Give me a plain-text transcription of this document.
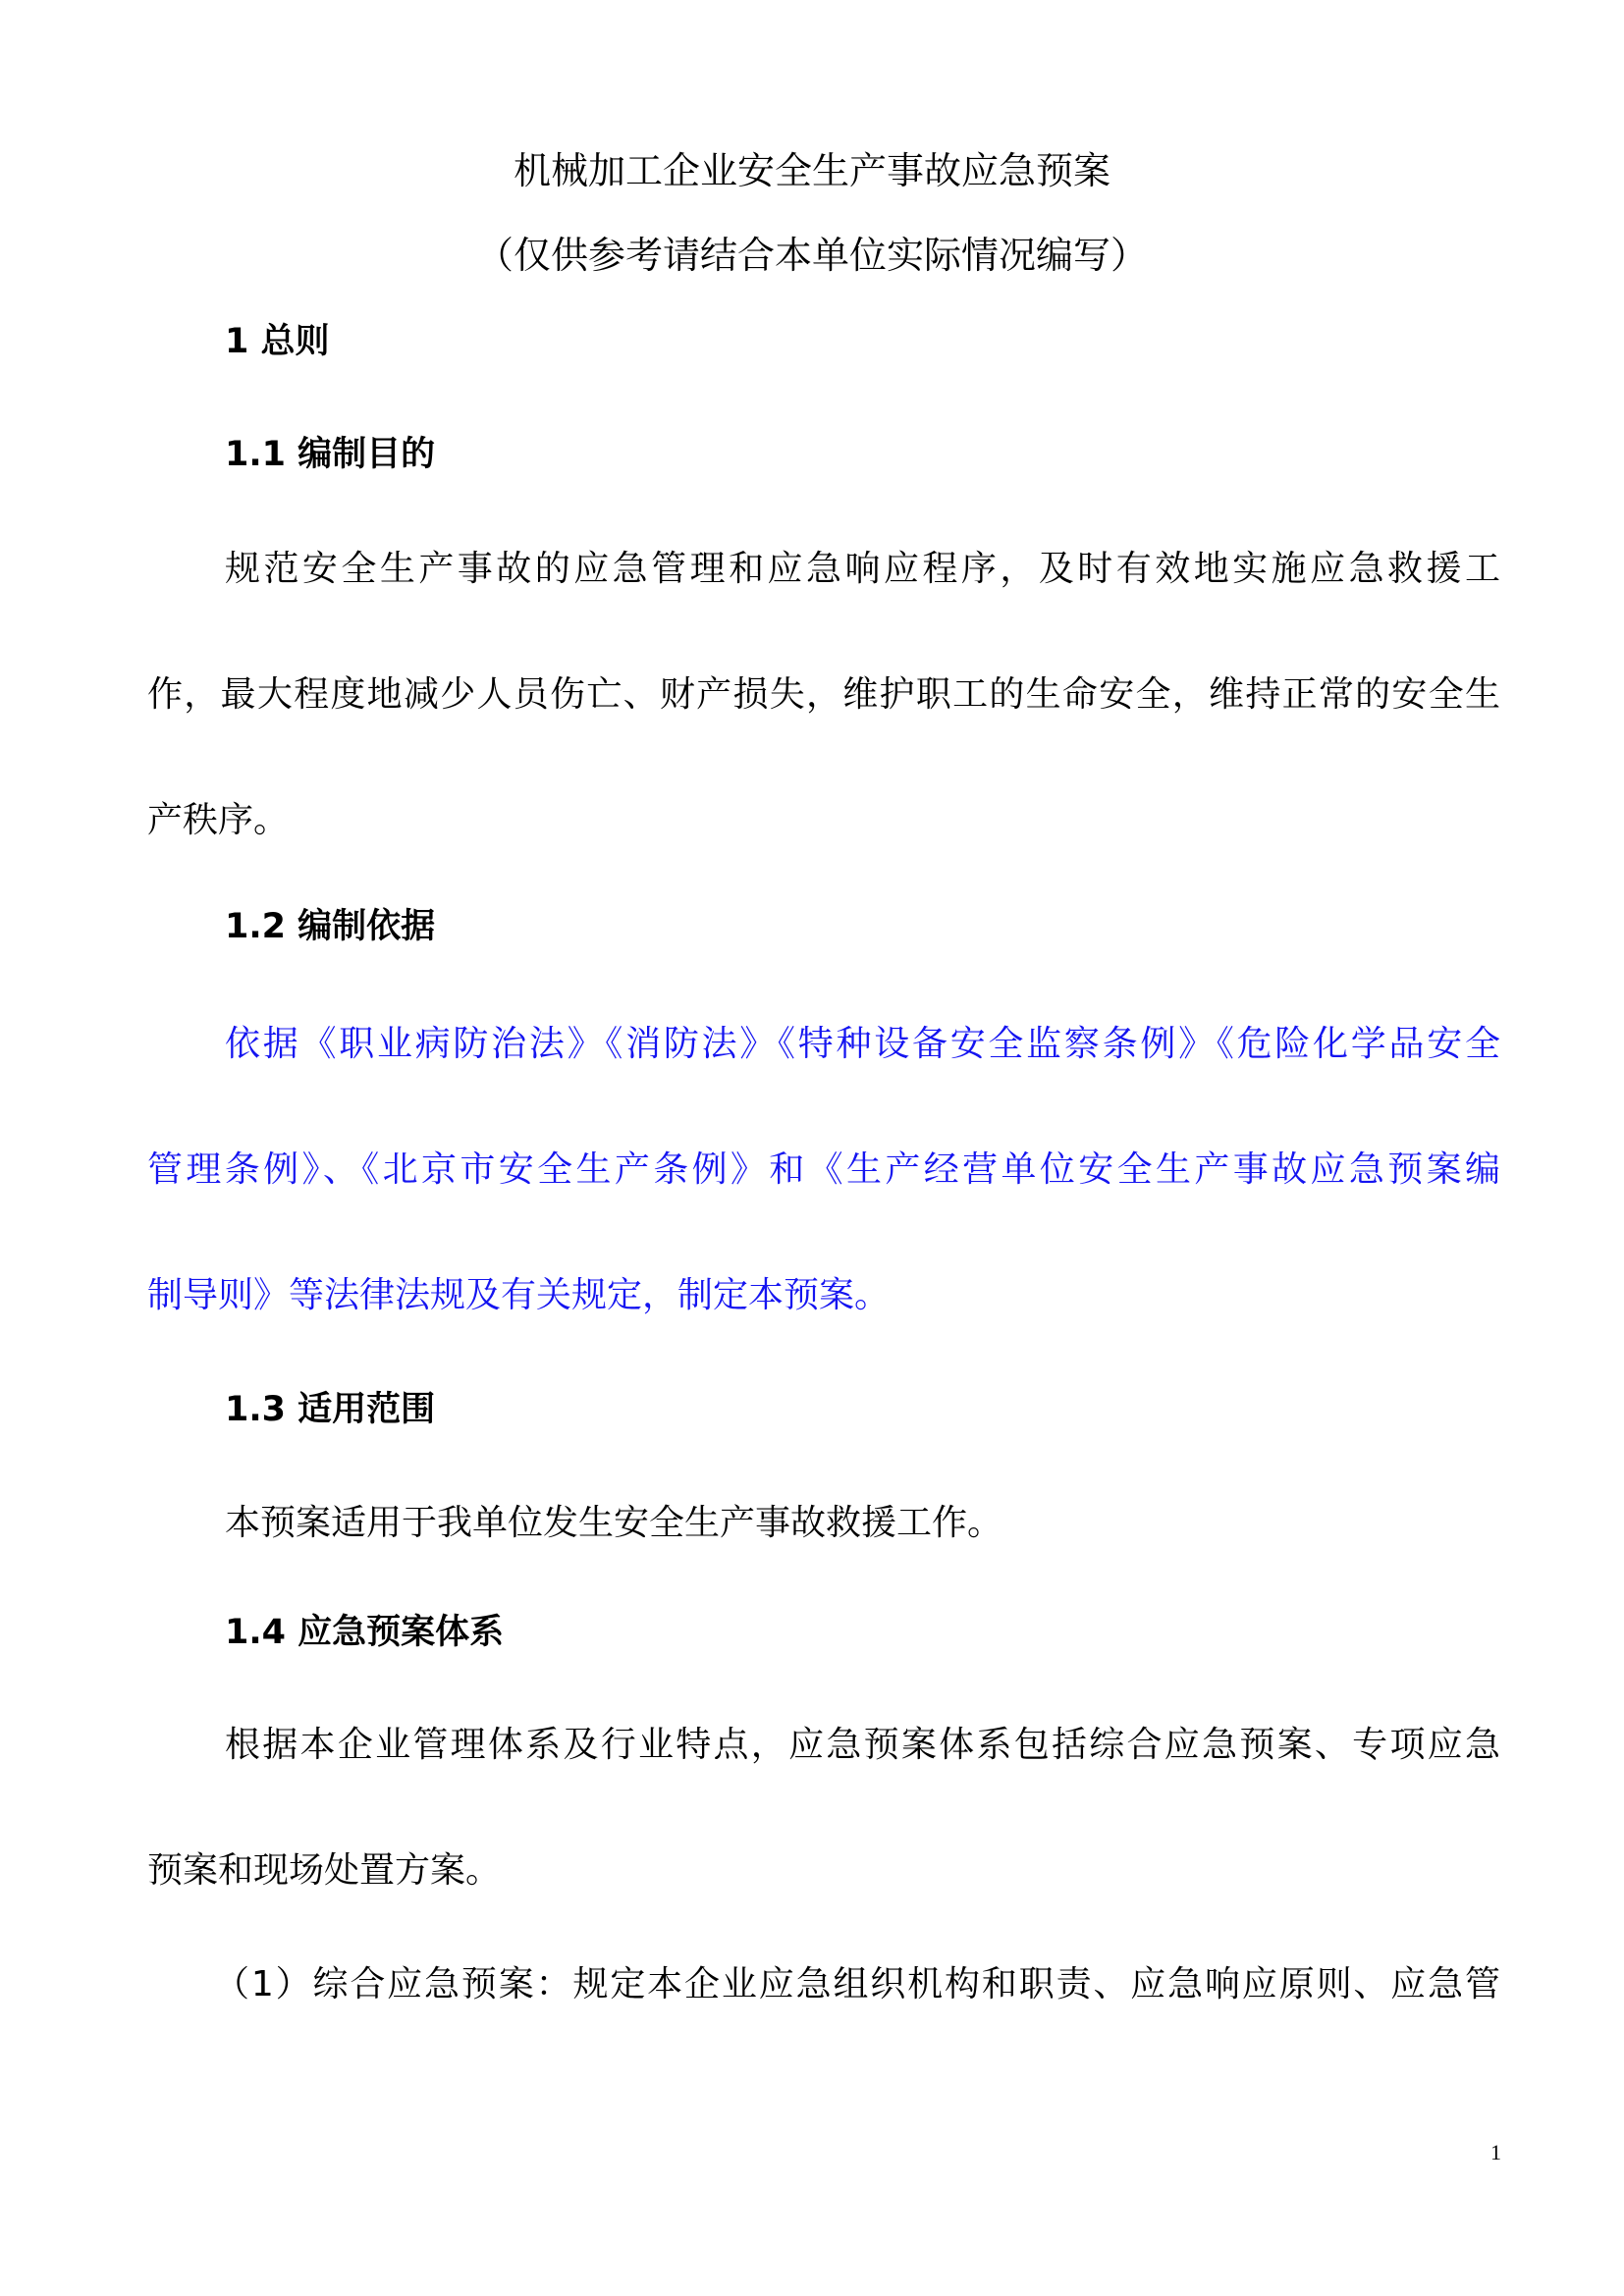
机械加工企业安全生产事故应急预案
（仅供参考请结合本单位实际情况编写）
1 总则
1.1 编制目的
规范安全生产事故的应急管理和应急响应程序，及时有效地实施应急救援工
作，最大程度地减少人员伤亡、财产损失，维护职工的生命安全，维持正常的安全生
产秩序。
1.2 编制依据
依据《职业病防治法》《消防法》《特种设备安全监察条例》《危险化学品安全
管理条例》、《北京市安全生产条例》和《生产经营单位安全生产事故应急预案编
制导则》等法律法规及有关规定，制定本预案。
1.3 适用范围
本预案适用于我单位发生安全生产事故救援工作。
1.4 应急预案体系
根据本企业管理体系及行业特点，应急预案体系包括综合应急预案、专项应急
预案和现场处置方案。
（1）综合应急预案：规定本企业应急组织机构和职责、应急响应原则、应急管
1
